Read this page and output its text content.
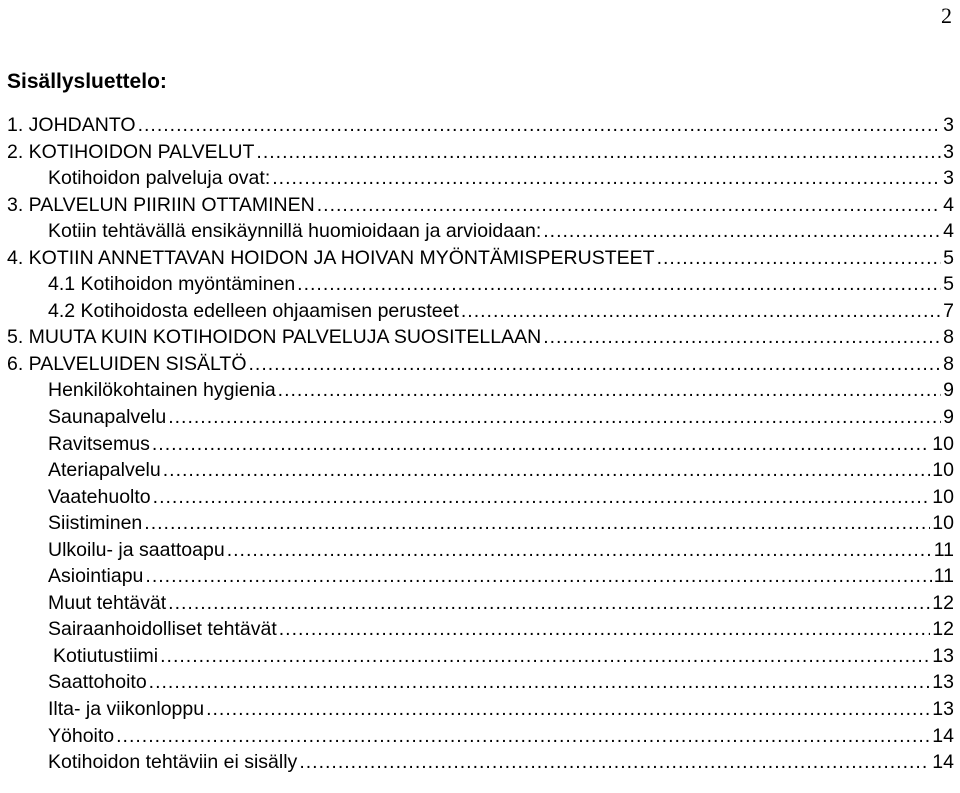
2
Sisällysluettelo:
1. JOHDANTO .....	3
2. KOTIHOIDON PALVELUT .....	3
Kotihoidon palveluja ovat: .....	3
3. PALVELUN PIIRIIN OTTAMINEN .....	4
Kotiin tehtävällä ensikäynnillä huomioidaan ja arvioidaan: .....	4
4. KOTIIN ANNETTAVAN HOIDON JA HOIVAN MYÖNTÄMISPERUSTEET .....	5
4.1 Kotihoidon myöntäminen .....	5
4.2 Kotihoidosta edelleen ohjaamisen perusteet .....	7
5. MUUTA KUIN KOTIHOIDON PALVELUJA SUOSITELLAAN .....	8
6. PALVELUIDEN SISÄLTÖ .....	8
Henkilökohtainen hygienia .....	9
Saunapalvelu .....	9
Ravitsemus .....	10
Ateriapalvelu .....	10
Vaatehuolto .....	10
Siistiminen .....	10
Ulkoilu- ja saattoapu .....	11
Asiointiapu .....	11
Muut tehtävät .....	12
Sairaanhoidolliset tehtävät .....	12
Kotiutustiimi .....	13
Saattohoito .....	13
Ilta- ja viikonloppu .....	13
Yöhoito .....	14
Kotihoidon tehtäviin ei sisälly .....	14
